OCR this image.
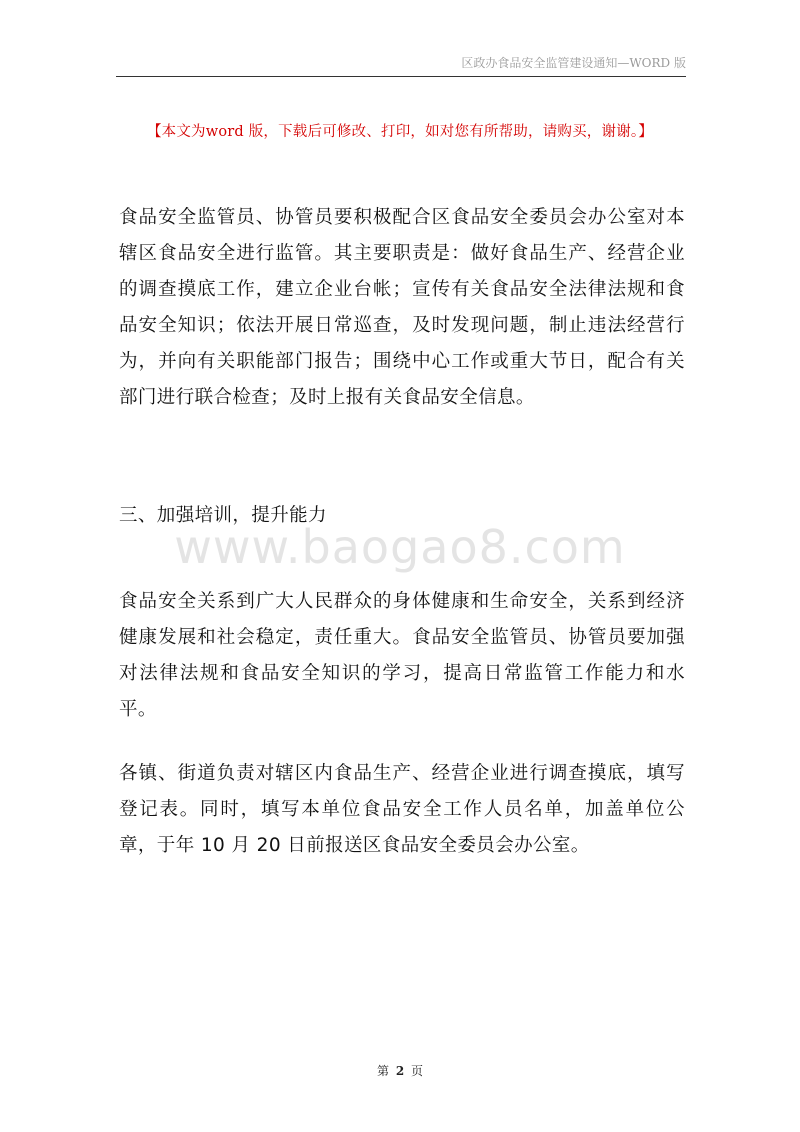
区政办食品安全监管建设通知—WORD 版
【本文为word 版，下载后可修改、打印，如对您有所帮助，请购买，谢谢。】
www.baogao8.com
食品安全监管员、协管员要积极配合区食品安全委员会办公室对本辖区食品安全进行监管。其主要职责是：做好食品生产、经营企业的调查摸底工作，建立企业台帐；宣传有关食品安全法律法规和食品安全知识；依法开展日常巡查，及时发现问题，制止违法经营行为，并向有关职能部门报告；围绕中心工作或重大节日，配合有关部门进行联合检查；及时上报有关食品安全信息。
三、加强培训，提升能力
食品安全关系到广大人民群众的身体健康和生命安全，关系到经济健康发展和社会稳定，责任重大。食品安全监管员、协管员要加强对法律法规和食品安全知识的学习，提高日常监管工作能力和水平。
各镇、街道负责对辖区内食品生产、经营企业进行调查摸底，填写登记表。同时，填写本单位食品安全工作人员名单，加盖单位公章，于年 10 月 20 日前报送区食品安全委员会办公室。
第 2 页
